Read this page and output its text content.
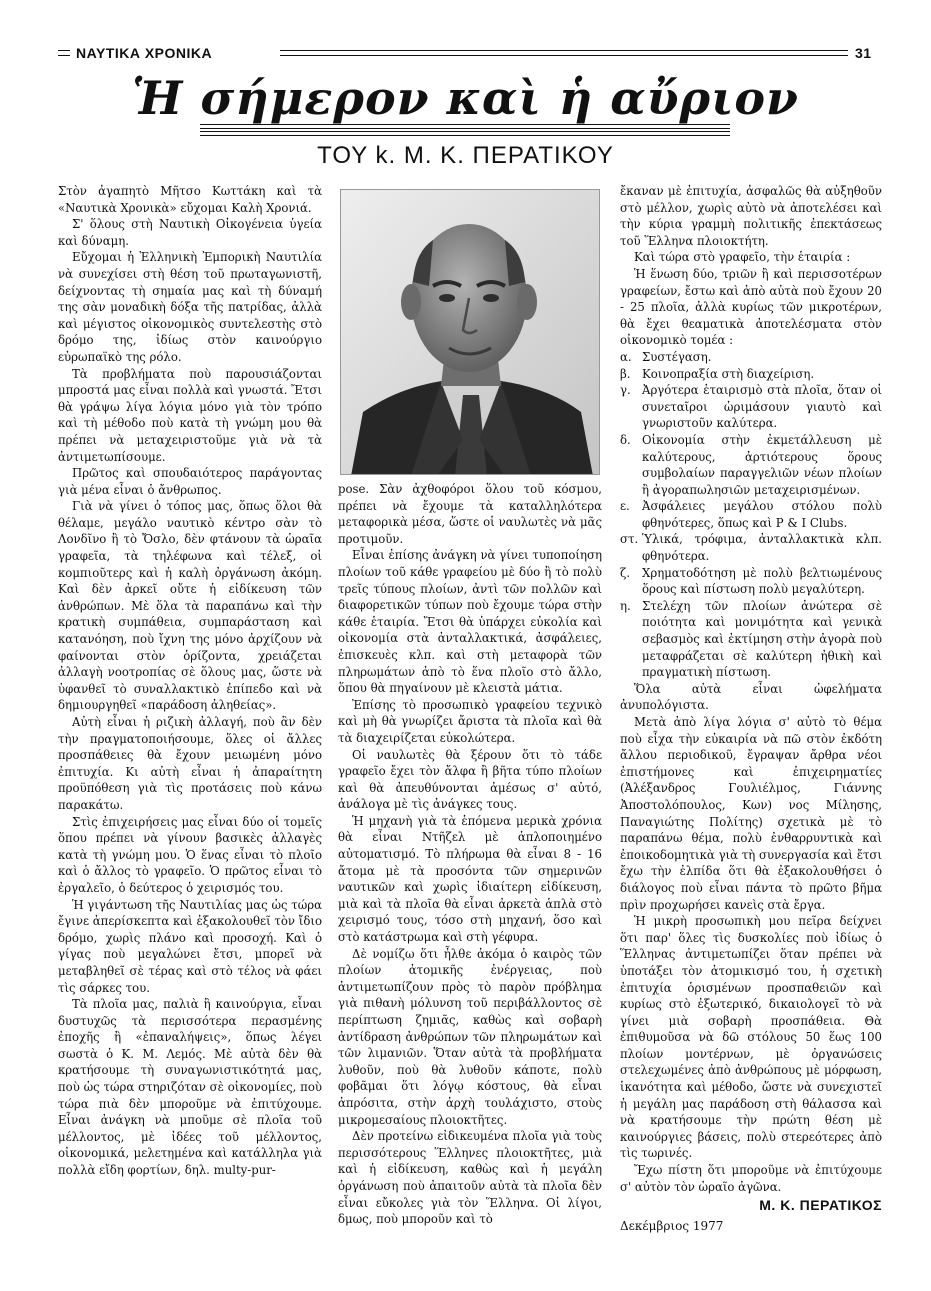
ΝΑΥΤΙΚΑ ΧΡΟΝΙΚΑ	31
Ἡ σήμερον καὶ ἡ αὔριον
ΤΟΥ k. Μ. Κ. ΠΕΡΑΤΙΚΟΥ

Στὸν ἀγαπητὸ Μῆτσο Κωττάκη καὶ τὰ «Ναυτικὰ Χρονικὰ» εὔχομαι Καλὴ Χρονιά.

Σ' ὅλους στὴ Ναυτικὴ Οἰκογένεια ὑγεία καὶ δύναμη.

Εὔχομαι ἡ Ἑλληνικὴ Ἐμπορικὴ Ναυτιλία νὰ συνεχίσει στὴ θέση τοῦ πρωταγωνιστῆ, δείχνοντας τὴ σημαία μας καὶ τὴ δύναμή της σὰν μοναδικὴ δόξα τῆς πατρίδας, ἀλλὰ καὶ μέγιστος οἰκονομικὸς συντελεστὴς στὸ δρόμο της, ἰδίως στὸν καινούργιο εὐρωπαϊκὸ της ρόλο.

Τὰ προβλήματα ποὺ παρουσιάζονται μπροστά μας εἶναι πολλὰ καὶ γνωστά. Ἔτσι θὰ γράψω λίγα λόγια μόνο γιὰ τὸν τρόπο καὶ τὴ μέθοδο ποὺ κατὰ τὴ γνώμη μου θὰ πρέπει νὰ μεταχειριστοῦμε γιὰ νὰ τὰ ἀντιμετωπίσουμε.

Πρῶτος καὶ σπουδαιότερος παράγοντας γιὰ μένα εἶναι ὁ ἄνθρωπος.

Γιὰ νὰ γίνει ὁ τόπος μας, ὅπως ὅλοι θὰ θέλαμε, μεγάλο ναυτικὸ κέντρο σὰν τὸ Λονδῖνο ἢ τὸ Ὄσλο, δὲν φτάνουν τὰ ὡραῖα γραφεῖα, τὰ τηλέφωνα καὶ τέλεξ, οἱ κομπιοῦτερς καὶ ἡ καλὴ ὀργάνωση ἀκόμη. Καὶ δὲν ἀρκεῖ οὔτε ἡ εἰδίκευση τῶν ἀνθρώπων. Μὲ ὅλα τὰ παραπάνω καὶ τὴν κρατικὴ συμπάθεια, συμπαράσταση καὶ κατανόηση, ποὺ ἴχνη της μόνο ἀρχίζουν νὰ φαίνονται στὸν ὁρίζοντα, χρειάζεται ἀλλαγὴ νοοτροπίας σὲ ὅλους μας, ὥστε νὰ ὑφανθεῖ τὸ συναλλακτικὸ ἐπίπεδο καὶ νὰ δημιουργηθεῖ «παράδοση ἀληθείας».

Αὐτὴ εἶναι ἡ ριζικὴ ἀλλαγή, ποὺ ἂν δὲν τὴν πραγματοποιήσουμε, ὅλες οἱ ἄλλες προσπάθειες θὰ ἔχουν μειωμένη μόνο ἐπιτυχία. Κι αὐτὴ εἶναι ἡ ἀπαραίτητη προϋπόθεση γιὰ τὶς προτάσεις ποὺ κάνω παρακάτω.

Στὶς ἐπιχειρήσεις μας εἶναι δύο οἱ τομεῖς ὅπου πρέπει νὰ γίνουν βασικὲς ἀλλαγὲς κατὰ τὴ γνώμη μου. Ὁ ἕνας εἶναι τὸ πλοῖο καὶ ὁ ἄλλος τὸ γραφεῖο. Ὁ πρῶτος εἶναι τὸ ἐργαλεῖο, ὁ δεύτερος ὁ χειρισμός του.

Ἡ γιγάντωση τῆς Ναυτιλίας μας ὡς τώρα ἔγινε ἀπερίσκεπτα καὶ ἐξακολουθεῖ τὸν ἴδιο δρόμο, χωρὶς πλάνο καὶ προσοχή. Καὶ ὁ γίγας ποὺ μεγαλώνει ἔτσι, μπορεῖ νὰ μεταβληθεῖ σὲ τέρας καὶ στὸ τέλος νὰ φάει τὶς σάρκες του.

Τὰ πλοῖα μας, παλιὰ ἢ καινούργια, εἶναι δυστυχῶς τὰ περισσότερα περασμένης ἐποχῆς ἢ «ἐπαναλήψεις», ὅπως λέγει σωστὰ ὁ Κ. Μ. Λεμός. Μὲ αὐτὰ δὲν θὰ κρατήσουμε τὴ συναγωνιστικότητά μας, ποὺ ὡς τώρα στηριζόταν σὲ οἰκονομίες, ποὺ τώρα πιὰ δὲν μποροῦμε νὰ ἐπιτύχουμε. Εἶναι ἀνάγκη νὰ μποῦμε σὲ πλοῖα τοῦ μέλλοντος, μὲ ἰδέες τοῦ μέλλοντος, οἰκονομικά, μελετημένα καὶ κατάλληλα γιὰ πολλὰ εἴδη φορτίων, δηλ. multy-pur-

pose. Σὰν ἀχθοφόροι ὅλου τοῦ κόσμου, πρέπει νὰ ἔχουμε τὰ καταλληλότερα μεταφορικὰ μέσα, ὥστε οἱ ναυλωτὲς νὰ μᾶς προτιμοῦν.

Εἶναι ἐπίσης ἀνάγκη νὰ γίνει τυποποίηση πλοίων τοῦ κάθε γραφείου μὲ δύο ἢ τὸ πολὺ τρεῖς τύπους πλοίων, ἀντὶ τῶν πολλῶν καὶ διαφορετικῶν τύπων ποὺ ἔχουμε τώρα στὴν κάθε ἑταιρία. Ἔτσι θὰ ὑπάρχει εὐκολία καὶ οἰκονομία στὰ ἀνταλλακτικά, ἀσφάλειες, ἐπισκευὲς κλπ. καὶ στὴ μεταφορὰ τῶν πληρωμάτων ἀπὸ τὸ ἕνα πλοῖο στὸ ἄλλο, ὅπου θὰ πηγαίνουν μὲ κλειστὰ μάτια.

Ἐπίσης τὸ προσωπικὸ γραφείου τεχνικὸ καὶ μὴ θὰ γνωρίζει ἄριστα τὰ πλοῖα καὶ θὰ τὰ διαχειρίζεται εὐκολώτερα.

Οἱ ναυλωτὲς θὰ ξέρουν ὅτι τὸ τάδε γραφεῖο ἔχει τὸν ἄλφα ἢ βῆτα τύπο πλοίων καὶ θὰ ἀπευθύνονται ἀμέσως σ' αὐτό, ἀνάλογα μὲ τὶς ἀνάγκες τους.

Ἡ μηχανὴ γιὰ τὰ ἑπόμενα μερικὰ χρόνια θὰ εἶναι Ντῆζελ μὲ ἁπλοποιημένο αὐτοματισμό. Τὸ πλήρωμα θὰ εἶναι 8 - 16 ἄτομα μὲ τὰ προσόντα τῶν σημερινῶν ναυτικῶν καὶ χωρὶς ἰδιαίτερη εἰδίκευση, μιὰ καὶ τὰ πλοῖα θὰ εἶναι ἀρκετὰ ἁπλὰ στὸ χειρισμό τους, τόσο στὴ μηχανή, ὅσο καὶ στὸ κατάστρωμα καὶ στὴ γέφυρα.

Δὲ νομίζω ὅτι ἦλθε ἀκόμα ὁ καιρὸς τῶν πλοίων ἀτομικῆς ἐνέργειας, ποὺ ἀντιμετωπίζουν πρὸς τὸ παρὸν πρόβλημα γιὰ πιθανὴ μόλυνση τοῦ περιβάλλοντος σὲ περίπτωση ζημιᾶς, καθὼς καὶ σοβαρὴ ἀντίδραση ἀνθρώπων τῶν πληρωμάτων καὶ τῶν λιμανιῶν. Ὅταν αὐτὰ τὰ προβλήματα λυθοῦν, ποὺ θὰ λυθοῦν κάποτε, πολὺ φοβᾶμαι ὅτι λόγῳ κόστους, θὰ εἶναι ἀπρόσιτα, στὴν ἀρχὴ τουλάχιστο, στοὺς μικρομεσαίους πλοιοκτῆτες.

Δὲν προτείνω εἰδικευμένα πλοῖα γιὰ τοὺς περισσότερους Ἕλληνες πλοιοκτῆτες, μιὰ καὶ ἡ εἰδίκευση, καθὼς καὶ ἡ μεγάλη ὀργάνωση ποὺ ἀπαιτοῦν αὐτὰ τὰ πλοῖα δὲν εἶναι εὔκολες γιὰ τὸν Ἕλληνα. Οἱ λίγοι, δμως, ποὺ μποροῦν καὶ τὸ

ἔκαναν μὲ ἐπιτυχία, ἀσφαλῶς θὰ αὐξηθοῦν στὸ μέλλον, χωρὶς αὐτὸ νὰ ἀποτελέσει καὶ τὴν κύρια γραμμὴ πολιτικῆς ἐπεκτάσεως τοῦ Ἕλληνα πλοιοκτήτη.

Καὶ τώρα στὸ γραφεῖο, τὴν ἑταιρία :

Ἡ ἕνωση δύο, τριῶν ἢ καὶ περισσοτέρων γραφείων, ἔστω καὶ ἀπὸ αὐτὰ ποὺ ἔχουν 20 - 25 πλοῖα, ἀλλὰ κυρίως τῶν μικροτέρων, θὰ ἔχει θεαματικὰ ἀποτελέσματα στὸν οἰκονομικὸ τομέα :

α. Συστέγαση.
β. Κοινοπραξία στὴ διαχείριση.
γ. Ἀργότερα ἑταιρισμὸ στὰ πλοῖα, ὅταν οἱ συνεταῖροι ὡριμάσουν γιαυτὸ καὶ γνωριστοῦν καλύτερα.
δ. Οἰκονομία στὴν ἐκμετάλλευση μὲ καλύτερους, ἀρτιότερους ὅρους συμβολαίων παραγγελιῶν νέων πλοίων ἢ ἀγοραπωλησιῶν μεταχειρισμένων.
ε.	Ἀσφάλειες μεγάλου στόλου πολὺ φθηνότερες, ὅπως καὶ P & I Clubs.
στ. Ὑλικά, τρόφιμα, ἀνταλλακτικὰ κλπ. φθηνότερα.
ζ.	Χρηματοδότηση μὲ πολὺ βελτιωμένους ὅρους καὶ πίστωση πολὺ μεγαλύτερη.
η. Στελέχη τῶν πλοίων ἀνώτερα σὲ ποιότητα καὶ μονιμότητα καὶ γενικὰ σεβασμὸς καὶ ἐκτίμηση στὴν ἀγορὰ ποὺ μεταφράζεται σὲ καλύτερη ἠθικὴ καὶ πραγματικὴ πίστωση.

Ὅλα αὐτὰ εἶναι ὠφελήματα ἀνυπολόγιστα.

Μετὰ ἀπὸ λίγα λόγια σ' αὐτὸ τὸ θέμα ποὺ εἶχα τὴν εὐκαιρία νὰ πῶ στὸν ἐκδότη ἄλλου περιοδικοῦ, ἔγραψαν ἄρθρα νέοι ἐπιστήμονες καὶ ἐπιχειρηματίες (Ἀλέξανδρος Γουλιέλμος, Γιάννης Ἀποστολόπουλος, Κων) νος Μίλησης, Παναγιώτης Πολίτης) σχετικὰ μὲ τὸ παραπάνω θέμα, πολὺ ἐνθαρρυντικὰ καὶ ἐποικοδομητικὰ γιὰ τὴ συνεργασία καὶ ἔτσι ἔχω τὴν ἐλπίδα ὅτι θὰ ἐξακολουθήσει ὁ διάλογος ποὺ εἶναι πάντα τὸ πρῶτο βῆμα πρὶν προχωρήσει κανεὶς στὰ ἔργα.

Ἡ μικρὴ προσωπικὴ μου πεῖρα δείχνει ὅτι παρ' ὅλες τὶς δυσκολίες ποὺ ἰδίως ὁ Ἕλληνας ἀντιμετωπίζει ὅταν πρέπει νὰ ὑποτάξει τὸν ἀτομικισμό του, ἡ σχετικὴ ἐπιτυχία ὁρισμένων προσπαθειῶν καὶ κυρίως στὸ ἐξωτερικό, δικαιολογεῖ τὸ νὰ γίνει μιὰ σοβαρὴ προσπάθεια. Θὰ ἐπιθυμοῦσα νὰ δῶ στόλους 50 ἕως 100 πλοίων μοντέρνων, μὲ ὀργανώσεις στελεχωμένες ἀπὸ ἀνθρώπους μὲ μόρφωση, ἱκανότητα καὶ μέθοδο, ὥστε νὰ συνεχιστεῖ ἡ μεγάλη μας παράδοση στὴ θάλασσα καὶ νὰ κρατήσουμε τὴν πρώτη θέση μὲ καινούργιες βάσεις, πολὺ στερεότερες ἀπὸ τὶς τωρινές.

Ἔχω πίστη ὅτι μποροῦμε νὰ ἐπιτύχουμε σ' αὐτὸν τὸν ὡραῖο ἀγῶνα.

Μ. Κ. ΠΕΡΑΤΙΚΟΣ
Δεκέμβριος 1977
